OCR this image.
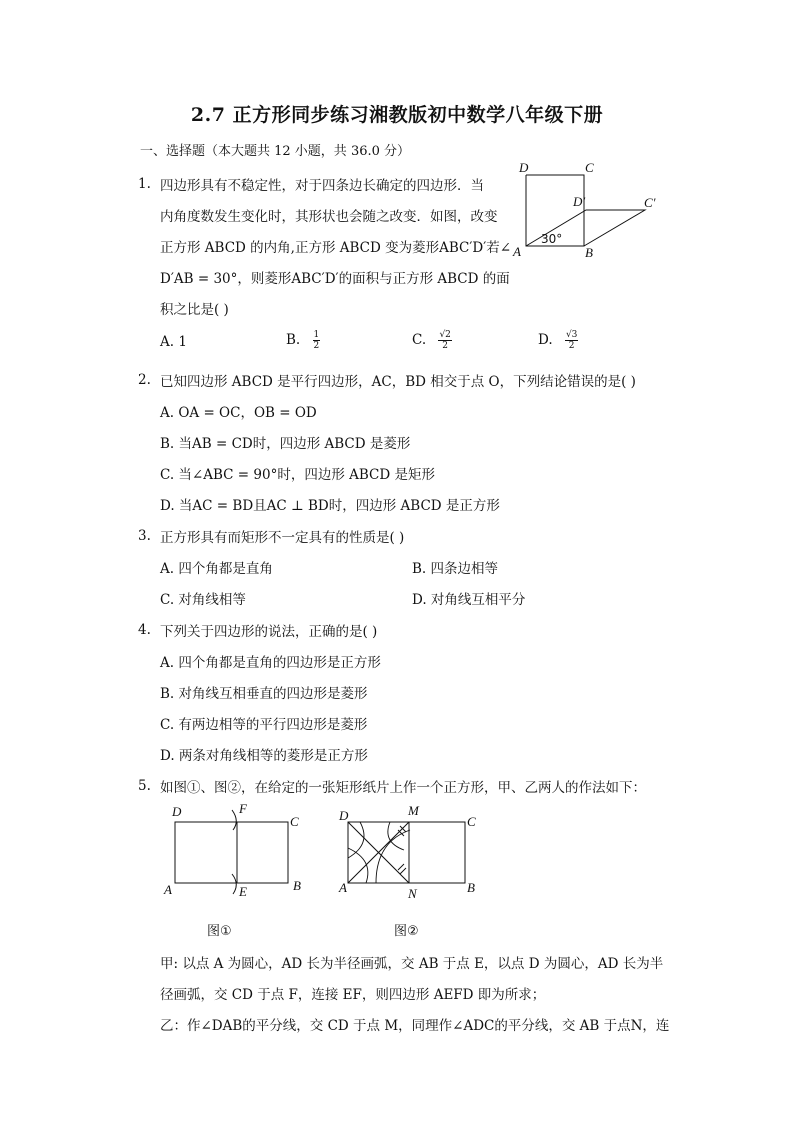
2.7 正方形同步练习湘教版初中数学八年级下册
一、选择题（本大题共 12 小题，共 36.0 分）
1. 四边形具有不稳定性，对于四条边长确定的四边形．当
内角度数发生变化时，其形状也会随之改变．如图，改变
正方形 ABCD 的内角,正方形 ABCD 变为菱形ABC′D′若∠
D′AB = 30°，则菱形ABC′D′的面积与正方形 ABCD 的面
积之比是( )
D	C
D′	C′
A	B
30°
A. 1	B. $\frac{1}{2}$	C. $\frac{√2}{2}$	D. $\frac{√3}{2}$
2. 已知四边形 ABCD 是平行四边形，AC，BD 相交于点 O，下列结论错误的是( )
A. OA = OC，OB = OD
B. 当AB = CD时，四边形 ABCD 是菱形
C. 当∠ABC = 90°时，四边形 ABCD 是矩形
D. 当AC = BD且AC ⊥ BD时，四边形 ABCD 是正方形
3. 正方形具有而矩形不一定具有的性质是( )
A. 四个角都是直角	B. 四条边相等
C. 对角线相等	D. 对角线互相平分
4. 下列关于四边形的说法，正确的是( )
A. 四个角都是直角的四边形是正方形
B. 对角线互相垂直的四边形是菱形
C. 有两边相等的平行四边形是菱形
D. 两条对角线相等的菱形是正方形
5. 如图①、图②，在给定的一张矩形纸片上作一个正方形，甲、乙两人的作法如下：
D	F
C
A	E	B
图①
D	M
C
A	N	B
图②
甲: 以点 A 为圆心，AD 长为半径画弧，交 AB 于点 E，以点 D 为圆心，AD 长为半
径画弧，交 CD 于点 F，连接 EF，则四边形 AEFD 即为所求；
乙：作∠DAB的平分线，交 CD 于点 M，同理作∠ADC的平分线，交 AB 于点N，连
